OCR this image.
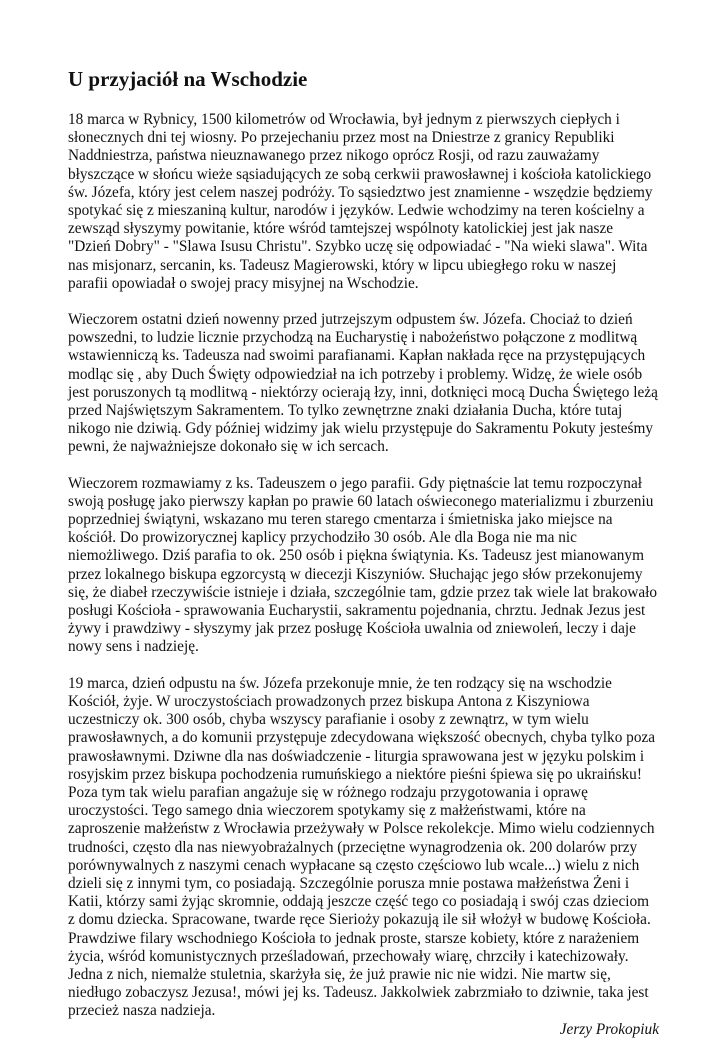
U przyjaciół na Wschodzie

18 marca w Rybnicy, 1500 kilometrów od Wrocławia, był jednym z pierwszych ciepłych i słonecznych dni tej wiosny. Po przejechaniu przez most na Dniestrze z granicy Republiki Naddniestrza, państwa nieuznawanego przez nikogo oprócz Rosji, od razu zauważamy błyszczące w słońcu wieże sąsiadujących ze sobą cerkwii prawosławnej i kościoła katolickiego św. Józefa, który jest celem naszej podróży. To sąsiedztwo jest znamienne - wszędzie będziemy spotykać się z mieszaniną kultur, narodów i języków. Ledwie wchodzimy na teren kościelny a zewsząd słyszymy powitanie, które wśród tamtejszej wspólnoty katolickiej jest jak nasze "Dzień Dobry" - "Slawa Isusu Christu". Szybko uczę się odpowiadać - "Na wieki slawa". Wita nas misjonarz, sercanin, ks. Tadeusz Magierowski, który w lipcu ubiegłego roku w naszej parafii opowiadał o swojej pracy misyjnej na Wschodzie.

Wieczorem ostatni dzień nowenny przed jutrzejszym odpustem św. Józefa. Chociaż to dzień powszedni, to ludzie licznie przychodzą na Eucharystię i nabożeństwo połączone z modlitwą wstawienniczą ks. Tadeusza nad swoimi parafianami. Kapłan nakłada ręce na przystępujących modląc się , aby Duch Święty odpowiedział na ich potrzeby i problemy. Widzę, że wiele osób jest poruszonych tą modlitwą - niektórzy ocierają łzy, inni, dotknięci mocą Ducha Świętego leżą przed Najświętszym Sakramentem. To tylko zewnętrzne znaki działania Ducha, które tutaj nikogo nie dziwią. Gdy później widzimy jak wielu przystępuje do Sakramentu Pokuty jesteśmy pewni, że najważniejsze dokonało się w ich sercach.

Wieczorem rozmawiamy z ks. Tadeuszem o jego parafii. Gdy piętnaście lat temu rozpoczynał swoją posługę jako pierwszy kapłan po prawie 60 latach oświeconego materializmu i zburzeniu poprzedniej świątyni, wskazano mu teren starego cmentarza i śmietniska jako miejsce na kościół. Do prowizorycznej kaplicy przychodziło 30 osób. Ale dla Boga nie ma nic niemożliwego. Dziś parafia to ok. 250 osób i piękna świątynia. Ks. Tadeusz jest mianowanym przez lokalnego biskupa egzorcystą w diecezji Kiszyniów. Słuchając jego słów przekonujemy się, że diabeł rzeczywiście istnieje i działa, szczególnie tam, gdzie przez tak wiele lat brakowało posługi Kościoła - sprawowania Eucharystii, sakramentu pojednania, chrztu. Jednak Jezus jest żywy i prawdziwy - słyszymy jak przez posługę Kościoła uwalnia od zniewoleń, leczy i daje nowy sens i nadzieję.

19 marca, dzień odpustu na św. Józefa przekonuje mnie, że ten rodzący się na wschodzie Kościół, żyje. W uroczystościach prowadzonych przez biskupa Antona z Kiszyniowa uczestniczy ok. 300 osób, chyba wszyscy parafianie i osoby z zewnątrz, w tym wielu prawosławnych, a do komunii przystępuje zdecydowana większość obecnych, chyba tylko poza prawosławnymi. Dziwne dla nas doświadczenie - liturgia sprawowana jest w języku polskim i rosyjskim przez biskupa pochodzenia rumuńskiego a niektóre pieśni śpiewa się po ukraińsku! Poza tym tak wielu parafian angażuje się w różnego rodzaju przygotowania i oprawę uroczystości. Tego samego dnia wieczorem spotykamy się z małżeństwami, które na zaproszenie małżeństw z Wrocławia przeżywały w Polsce rekolekcje. Mimo wielu codziennych trudności, często dla nas niewyobrażalnych (przeciętne wynagrodzenia ok. 200 dolarów przy porównywalnych z naszymi cenach wypłacane są często częściowo lub wcale...) wielu z nich dzieli się z innymi tym, co posiadają. Szczególnie porusza mnie postawa małżeństwa Żeni i Katii, którzy sami żyjąc skromnie, oddają jeszcze część tego co posiadają i swój czas dzieciom z domu dziecka. Spracowane, twarde ręce Sierioży pokazują ile sił włożył w budowę Kościoła. Prawdziwe filary wschodniego Kościoła to jednak proste, starsze kobiety, które z narażeniem życia, wśród komunistycznych prześladowań, przechowały wiarę, chrzciły i katechizowały. Jedna z nich, niemalże stuletnia, skarżyła się, że już prawie nic nie widzi. Nie martw się, niedługo zobaczysz Jezusa!, mówi jej ks. Tadeusz. Jakkolwiek zabrzmiało to dziwnie, taka jest przecież nasza nadzieja.

Jerzy Prokopiuk
